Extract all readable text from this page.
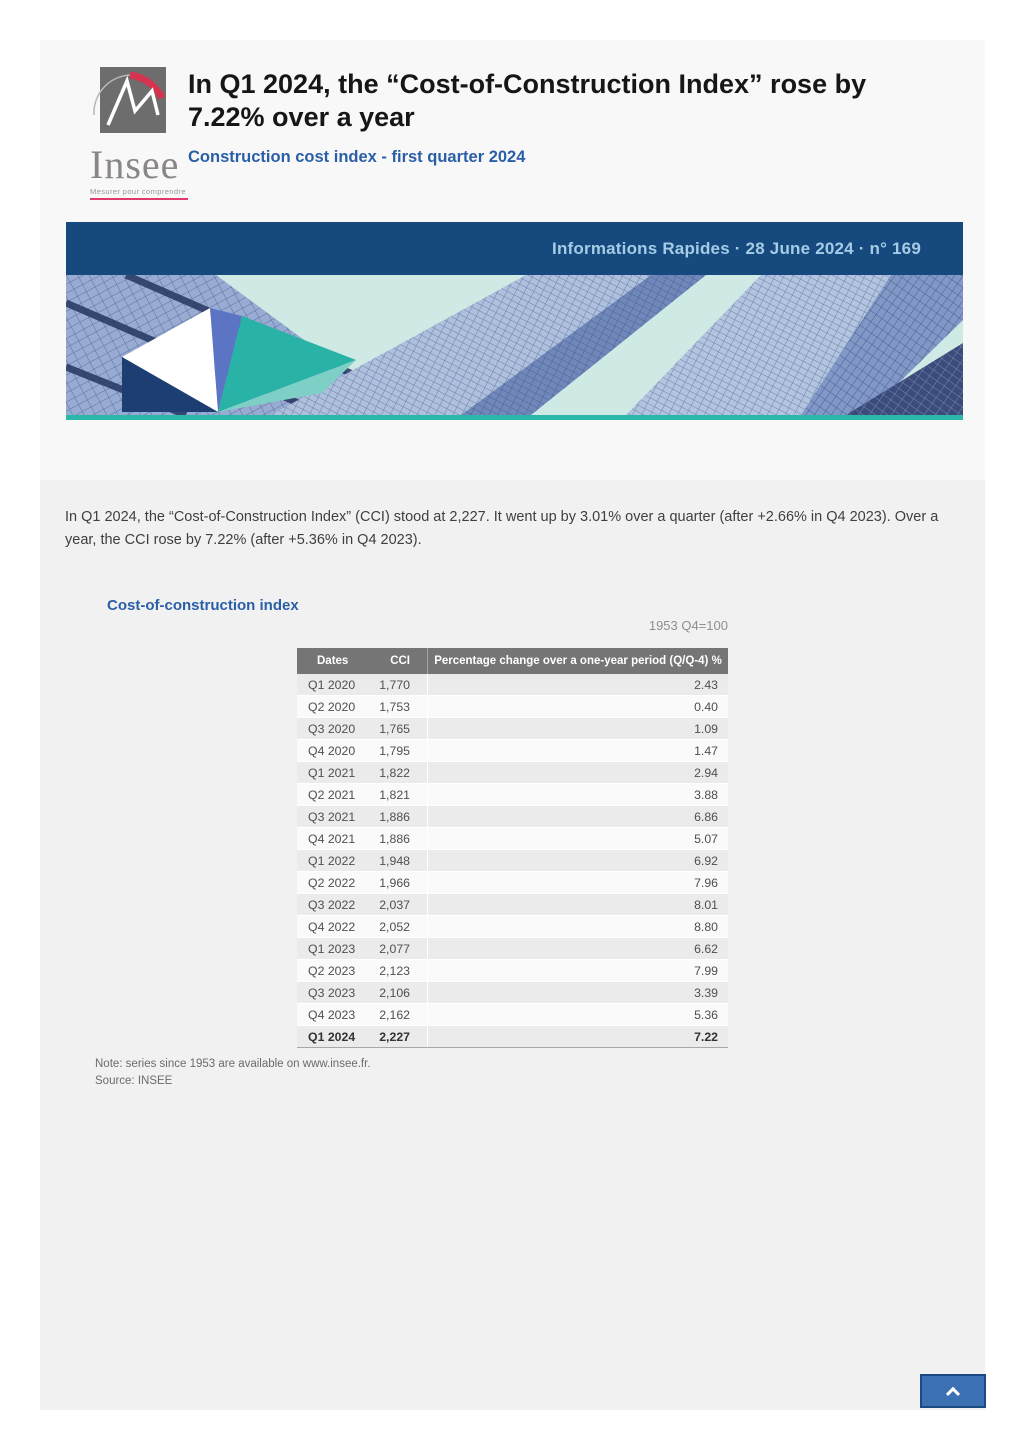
Insee
Mesurer pour comprendre
In Q1 2024, the “Cost-of-Construction Index” rose by 7.22% over a year
Construction cost index - first quarter 2024
Informations Rapides · 28 June 2024 · n° 169
In Q1 2024, the “Cost-of-Construction Index” (CCI) stood at 2,227. It went up by 3.01% over a quarter (after +2.66% in Q4 2023). Over a year, the CCI rose by 7.22% (after +5.36% in Q4 2023).
Cost-of-construction index
1953 Q4=100
Dates	CCI	Percentage change over a one-year period (Q/Q-4) %
Q1 2020	1,770	2.43
Q2 2020	1,753	0.40
Q3 2020	1,765	1.09
Q4 2020	1,795	1.47
Q1 2021	1,822	2.94
Q2 2021	1,821	3.88
Q3 2021	1,886	6.86
Q4 2021	1,886	5.07
Q1 2022	1,948	6.92
Q2 2022	1,966	7.96
Q3 2022	2,037	8.01
Q4 2022	2,052	8.80
Q1 2023	2,077	6.62
Q2 2023	2,123	7.99
Q3 2023	2,106	3.39
Q4 2023	2,162	5.36
Q1 2024	2,227	7.22
Note: series since 1953 are available on www.insee.fr.
Source: INSEE
